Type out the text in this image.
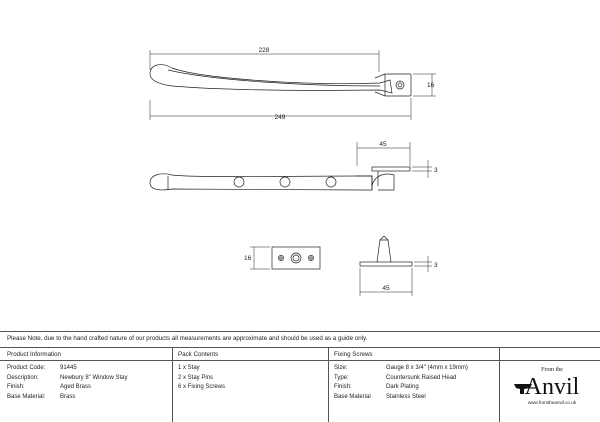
228
249
16
45
3
16
3
45
Please Note, due to the hand crafted nature of our products all measurements are approximate and should be used as a guide only.
Product Information
Product Code: 91445
Description:	Newbury 8" Window Stay
Finish:	Aged Brass
Base Material: Brass
Pack Contents
1 x Stay
2 x Stay Pins
6 x Fixing Screws
Fixing Screws
Size:	Gauge 8 x 3/4" (4mm x 19mm)
Type:	Countersunk Raised Head
Finish:	Dark Plating
Base Material	Stainless Steel
From the
Anvil
www.fromtheanvil.co.uk
